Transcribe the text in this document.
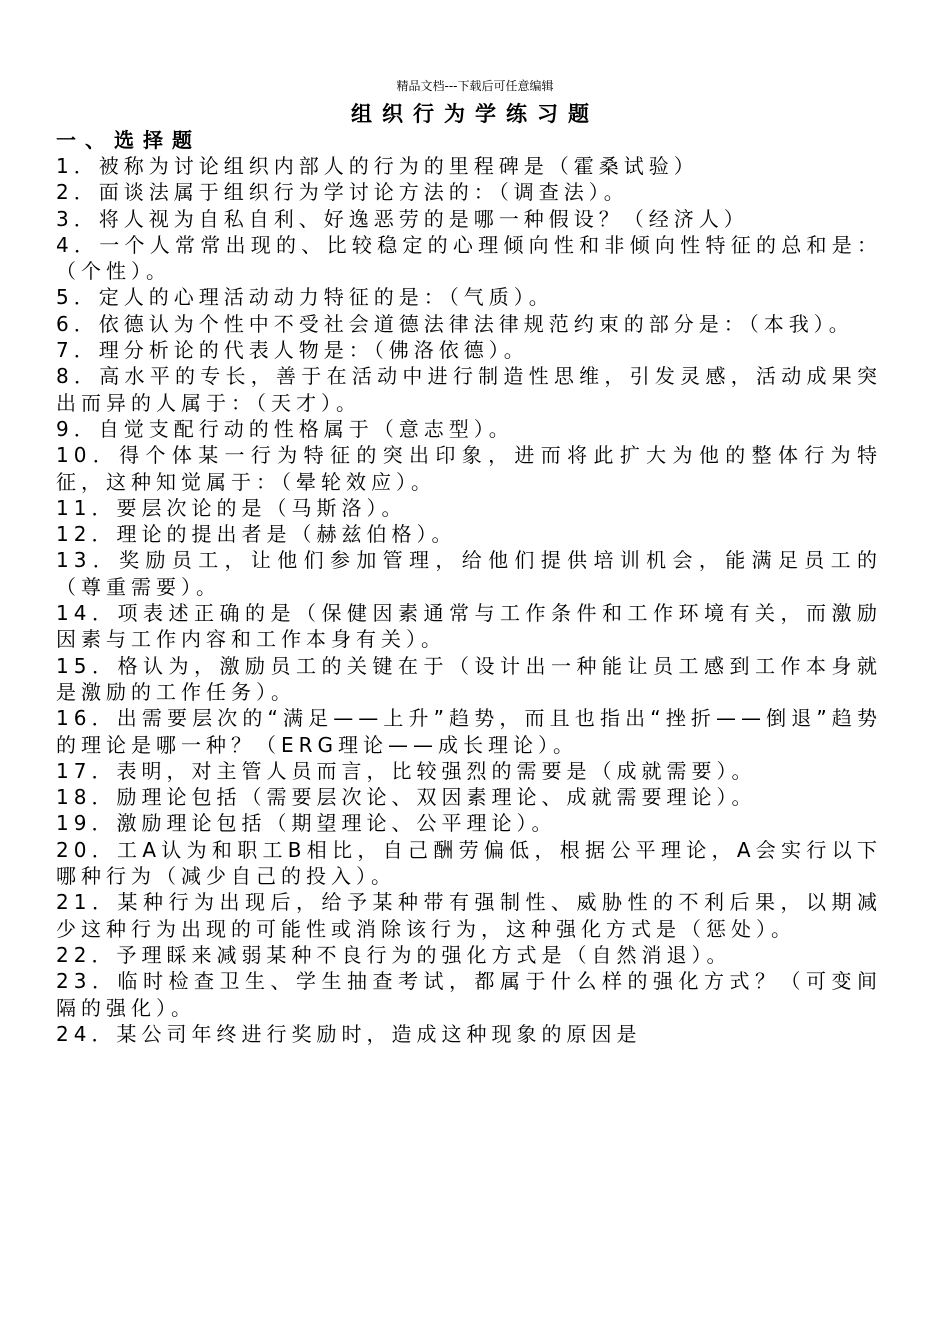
精品文档---下载后可任意编辑
组织行为学练习题
一、选择题
1．被称为讨论组织内部人的行为的里程碑是（霍桑试验）
2．面谈法属于组织行为学讨论方法的：（调查法）。
3．将人视为自私自利、好逸恶劳的是哪一种假设？（经济人）
4．一个人常常出现的、比较稳定的心理倾向性和非倾向性特征的总和是：（个性）。
5．定人的心理活动动力特征的是：（气质）。
6．依德认为个性中不受社会道德法律法律规范约束的部分是：（本我）。
7．理分析论的代表人物是：（佛洛依德）。
8．高水平的专长，善于在活动中进行制造性思维，引发灵感，活动成果突出而异的人属于：（天才）。
9．自觉支配行动的性格属于（意志型）。
10．得个体某一行为特征的突出印象，进而将此扩大为他的整体行为特征，这种知觉属于：（晕轮效应）。
11．要层次论的是（马斯洛）。
12．理论的提出者是（赫兹伯格）。
13．奖励员工，让他们参加管理，给他们提供培训机会，能满足员工的（尊重需要）。
14．项表述正确的是（保健因素通常与工作条件和工作环境有关，而激励因素与工作内容和工作本身有关）。
15．格认为，激励员工的关键在于（设计出一种能让员工感到工作本身就是激励的工作任务）。
16．出需要层次的“满足——上升”趋势，而且也指出“挫折——倒退”趋势的理论是哪一种？（ERG理论——成长理论）。
17．表明，对主管人员而言，比较强烈的需要是（成就需要）。
18．励理论包括（需要层次论、双因素理论、成就需要理论）。
19．激励理论包括（期望理论、公平理论）。
20．工A认为和职工B相比，自己酬劳偏低，根据公平理论，A会实行以下哪种行为（减少自己的投入）。
21．某种行为出现后，给予某种带有强制性、威胁性的不利后果，以期减少这种行为出现的可能性或消除该行为，这种强化方式是（惩处）。
22．予理睬来减弱某种不良行为的强化方式是（自然消退）。
23．临时检查卫生、学生抽查考试，都属于什么样的强化方式？（可变间隔的强化）。
24．某公司年终进行奖励时，造成这种现象的原因是
